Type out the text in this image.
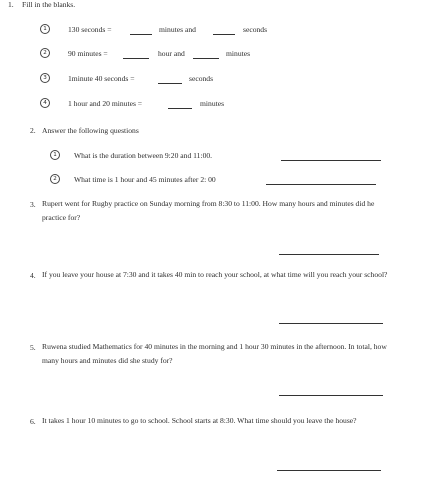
1. Fill in the blanks.
1	130 seconds =	minutes and	seconds
2	90 minutes =	hour and	minutes
3	1minute 40 seconds =	seconds
4	1 hour and 20 minutes =	minutes
2. Answer the following questions
1	What is the duration between 9:20 and 11:00.
2	What time is 1 hour and 45 minutes after 2: 00
3. Rupert went for Rugby practice on Sunday morning from 8:30 to 11:00. How many hours and minutes did he practice for?
4. If you leave your house at 7:30 and it takes 40 min to reach your school, at what time will you reach your school?
5. Ruwena studied Mathematics for 40 minutes in the morning and 1 hour 30 minutes in the afternoon. In total, how many hours and minutes did she study for?
6. It takes 1 hour 10 minutes to go to school. School starts at 8:30. What time should you leave the house?
